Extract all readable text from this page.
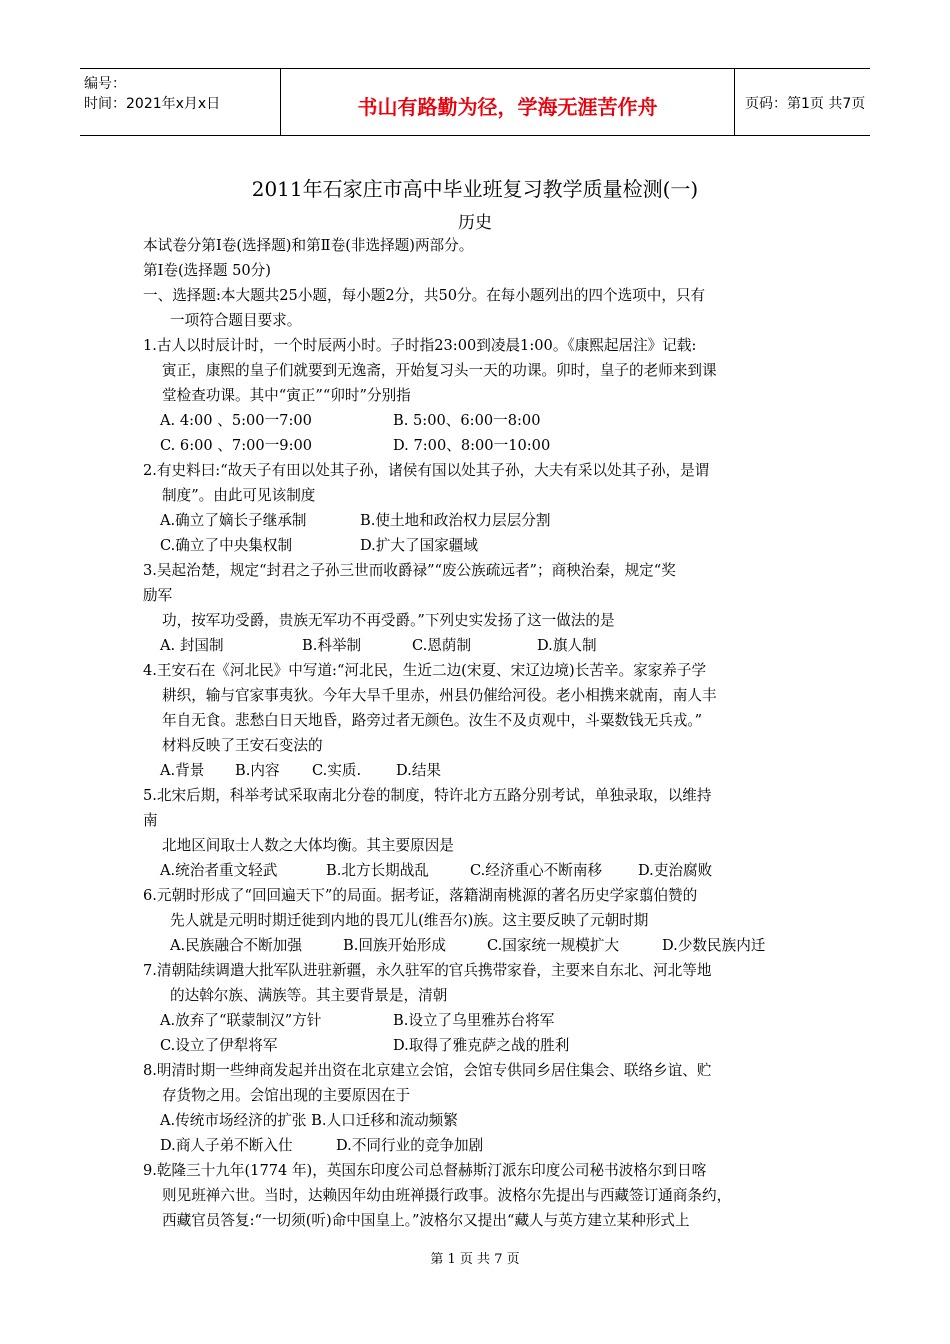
编号：
时间：2021年x月x日	书山有路勤为径，学海无涯苦作舟	页码：第1页 共7页
2011年石家庄市高中毕业班复习教学质量检测(一)
历史
本试卷分第Ⅰ卷(选择题)和第Ⅱ卷(非选择题)两部分。
第Ⅰ卷(选择题 50分)
一、选择题:本大题共25小题，每小题2分，共50分。在每小题列出的四个选项中，只有
一项符合题目要求。
1.古人以时辰计时，一个时辰两小时。子时指23:00到凌晨1:00。《康熙起居注》记载:
寅正，康熙的皇子们就要到无逸斋，开始复习头一天的功课。卯时，皇子的老师来到课
堂检查功课。其中“寅正”“卯时”分别指
A. 4:00 、5:00一7:00	B. 5:00、6:00一8:00
C. 6:00 、7:00一9:00	D. 7:00、8:00一10:00
2.有史料曰:“故天子有田以处其子孙，诸侯有国以处其子孙，大夫有采以处其子孙，是谓
制度”。由此可见该制度
A.确立了嫡长子继承制	B.使土地和政治权力层层分割
C.确立了中央集权制	D.扩大了国家疆域
3.吴起治楚，规定“封君之子孙三世而收爵禄”“废公族疏远者”；商秧治秦，规定“奖
励军
功，按军功受爵，贵族无军功不再受爵。”下列史实发扬了这一做法的是
A. 封国制	B.科举制	C.恩荫制	D.旗人制
4.王安石在《河北民》中写道:“河北民，生近二边(宋夏、宋辽边境)长苦辛。家家养子学
耕织，输与官家事夷狄。今年大旱千里赤，州县仍催给河役。老小相携来就南，南人丰
年自无食。悲愁白日天地昏，路旁过者无颜色。汝生不及贞观中，斗粟数钱无兵戎。”
材料反映了王安石变法的
A.背景 B.内容 C.实质. D.结果
5.北宋后期，科举考试采取南北分卷的制度，特许北方五路分别考试，单独录取，以维持
南
北地区间取士人数之大体均衡。其主要原因是
A.统治者重文轻武	B.北方长期战乱	C.经济重心不断南移 D.吏治腐败
6.元朝时形成了“回回遍天下”的局面。据考证，落籍湖南桃源的著名历史学家翦伯赞的
先人就是元明时期迁徙到内地的畏兀儿(维吾尔)族。这主要反映了元朝时期
A.民族融合不断加强	B.回族开始形成	C.国家统一规模扩大	D.少数民族内迁
7.清朝陆续调遣大批军队进驻新疆，永久驻军的官兵携带家眷，主要来自东北、河北等地
的达斡尔族、满族等。其主要背景是，清朝
A.放弃了“联蒙制汉”方针	B.设立了乌里雅苏台将军
C.设立了伊犁将军	D.取得了雅克萨之战的胜利
8.明清时期一些绅商发起并出资在北京建立会馆，会馆专供同乡居住集会、联络乡谊、贮
存货物之用。会馆出现的主要原因在于
A.传统市场经济的扩张 B.人口迁移和流动频繁
D.商人子弟不断入仕	D.不同行业的竞争加剧
9.乾隆三十九年(1774 年)，英国东印度公司总督赫斯汀派东印度公司秘书波格尔到日喀
则见班禅六世。当时，达赖因年幼由班禅摄行政事。波格尔先提出与西藏签订通商条约，
西藏官员答复:“一切须(听)命中国皇上。”波格尔又提出“藏人与英方建立某种形式上
第 1 页 共 7 页
